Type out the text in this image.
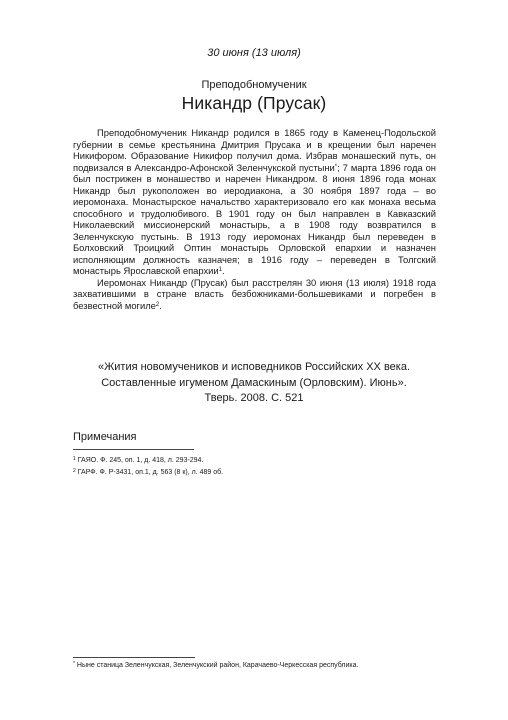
30 июня (13 июля)
Преподобномученик
Никандр (Прусак)

Преподобномученик Никандр родился в 1865 году в Каменец-Подольской губернии в семье крестьянина Дмитрия Прусака и в крещении был наречен Никифором. Образование Никифор получил дома. Избрав монашеский путь, он подвизался в Александро-Афонской Зеленчукской пустыни*; 7 марта 1896 года он был пострижен в монашество и наречен Никандром. 8 июня 1896 года монах Никандр был рукоположен во иеродиакона, а 30 ноября 1897 года – во иеромонаха. Монастырское начальство характеризовало его как монаха весьма способного и трудолюбивого. В 1901 году он был направлен в Кавказский Николаевский миссионерский монастырь, а в 1908 году возвратился в Зеленчукскую пустынь. В 1913 году иеромонах Никандр был переведен в Болховский Троицкий Оптин монастырь Орловской епархии и назначен исполняющим должность казначея; в 1916 году – переведен в Толгский монастырь Ярославской епархии$^1$.

Иеромонах Никандр (Прусак) был расстрелян 30 июня (13 июля) 1918 года захватившими в стране власть безбожниками-большевиками и погребен в безвестной могиле$^2$.

«Жития новомучеников и исповедников Российских ХХ века.
Составленные игуменом Дамаскиным (Орловским). Июнь».
Тверь. 2008. С. 521
Примечания
$^1$ ГАЯО. Ф. 245, оп. 1, д. 418, л. 293-294.
$^2$ ГАРФ. Ф. Р-3431, оп.1, д. 563 (8 к), л. 489 об.
* Ныне станица Зеленчукская, Зеленчукский район, Карачаево-Черкесская республика.
